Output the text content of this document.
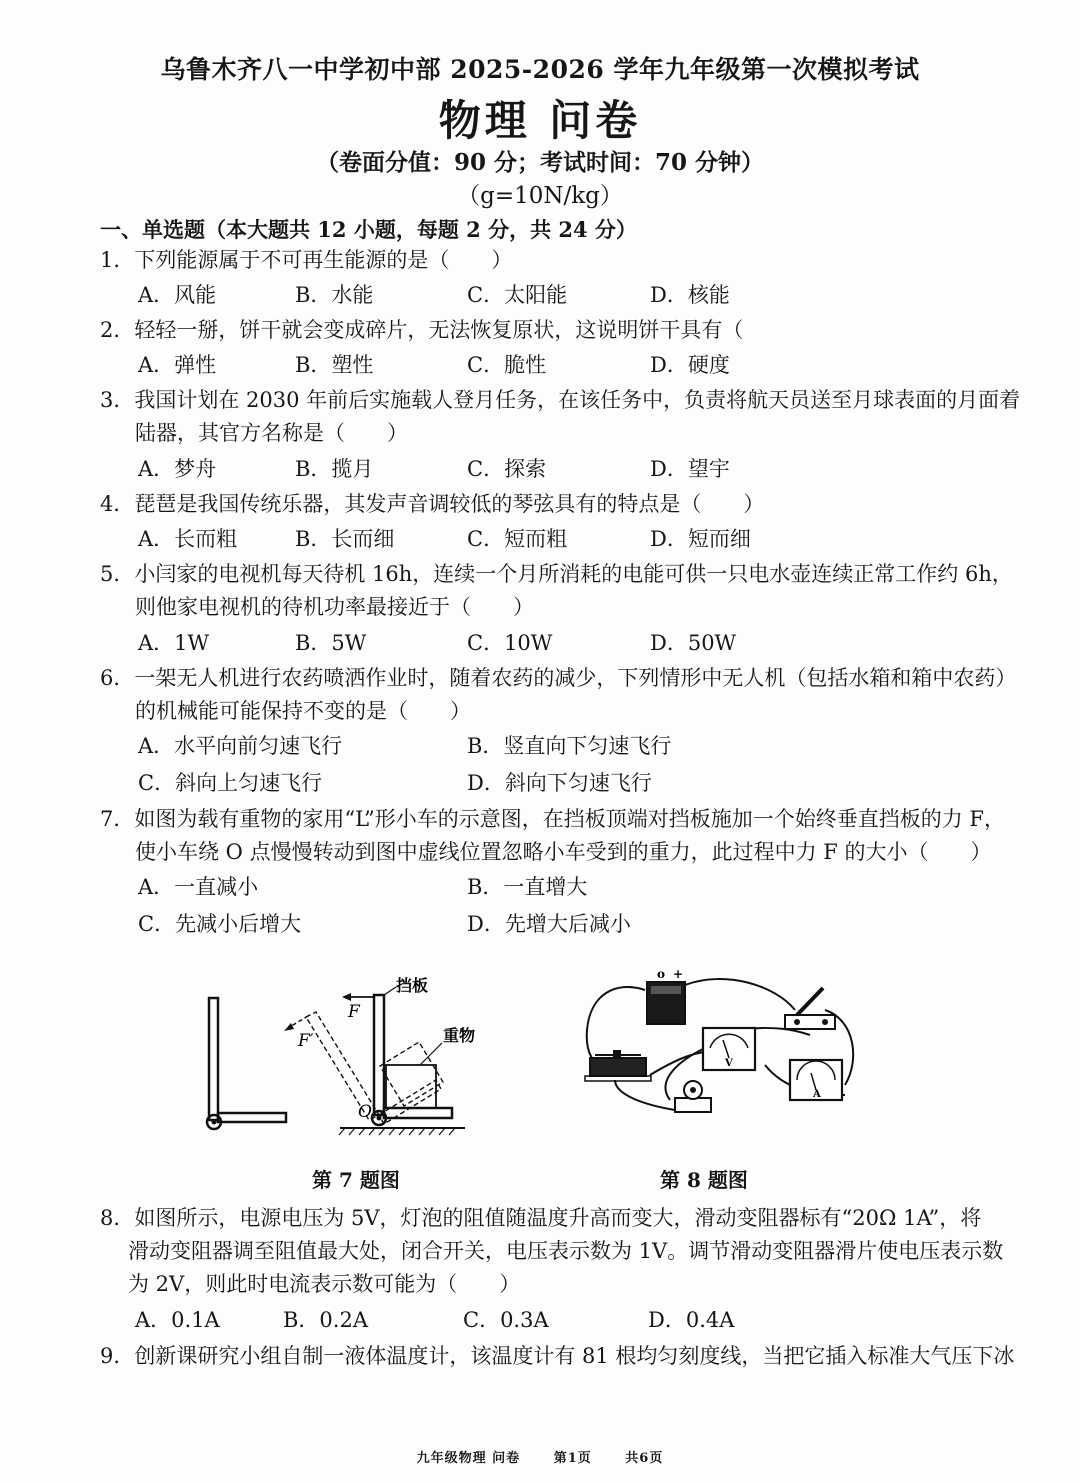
乌鲁木齐八一中学初中部 2025-2026 学年九年级第一次模拟考试
物理 问卷
（卷面分值：90 分；考试时间：70 分钟）
（g=10N/kg）
一、单选题（本大题共 12 小题，每题 2 分，共 24 分）
1．下列能源属于不可再生能源的是（　　）
A．风能	B．水能	C．太阳能	D．核能
2．轻轻一掰，饼干就会变成碎片，无法恢复原状，这说明饼干具有（
A．弹性	B．塑性	C．脆性	D．硬度
3．我国计划在 2030 年前后实施载人登月任务，在该任务中，负责将航天员送至月球表面的月面着
陆器，其官方名称是（　　）
A．梦舟	B．揽月	C．探索	D．望宇
4．琵琶是我国传统乐器，其发声音调较低的琴弦具有的特点是（　　）
A．长而粗	B．长而细	C．短而粗	D．短而细
5．小闫家的电视机每天待机 16h，连续一个月所消耗的电能可供一只电水壶连续正常工作约 6h，
则他家电视机的待机功率最接近于（　　）
A．1W	B．5W	C．10W	D．50W
6．一架无人机进行农药喷洒作业时，随着农药的减少，下列情形中无人机（包括水箱和箱中农药）
的机械能可能保持不变的是（　　）
A．水平向前匀速飞行	B．竖直向下匀速飞行
C．斜向上匀速飞行	D．斜向下匀速飞行
7．如图为载有重物的家用“L”形小车的示意图，在挡板顶端对挡板施加一个始终垂直挡板的力 F，
使小车绕 O 点慢慢转动到图中虚线位置忽略小车受到的重力，此过程中力 F 的大小（　　）
A．一直减小	B．一直增大
C．先减小后增大	D．先增大后减小
F
F′
O
挡板
重物
第 7 题图
o +
V
A
第 8 题图
8．如图所示，电源电压为 5V，灯泡的阻值随温度升高而变大，滑动变阻器标有“20Ω 1A”，将
滑动变阻器调至阻值最大处，闭合开关，电压表示数为 1V。调节滑动变阻器滑片使电压表示数
为 2V，则此时电流表示数可能为（　　）
A．0.1A	B．0.2A	C．0.3A	D．0.4A
9．创新课研究小组自制一液体温度计，该温度计有 81 根均匀刻度线，当把它插入标准大气压下冰
九年级物理 问卷	第1页	共6页
